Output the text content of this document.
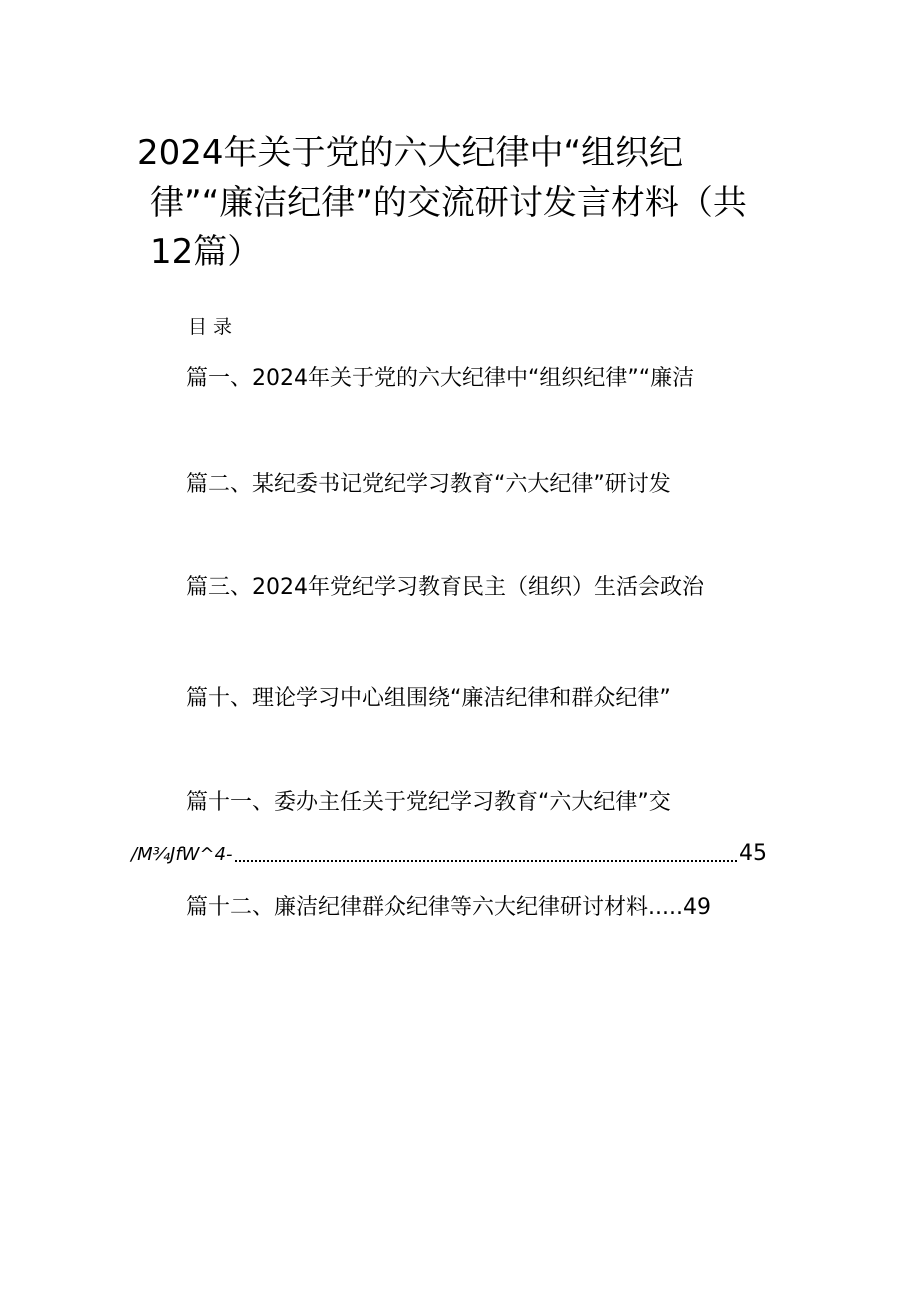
2024年关于党的六大纪律中“组织纪
律”“廉洁纪律”的交流研讨发言材料（共
12篇）
目录
篇一、2024年关于党的六大纪律中“组织纪律”“廉洁
篇二、某纪委书记党纪学习教育“六大纪律”研讨发
篇三、2024年党纪学习教育民主（组织）生活会政治
篇十、理论学习中心组围绕“廉洁纪律和群众纪律”
篇十一、委办主任关于党纪学习教育“六大纪律”交
/M¾JfW^4-	45
篇十二、廉洁纪律群众纪律等六大纪律研讨材料.....49
